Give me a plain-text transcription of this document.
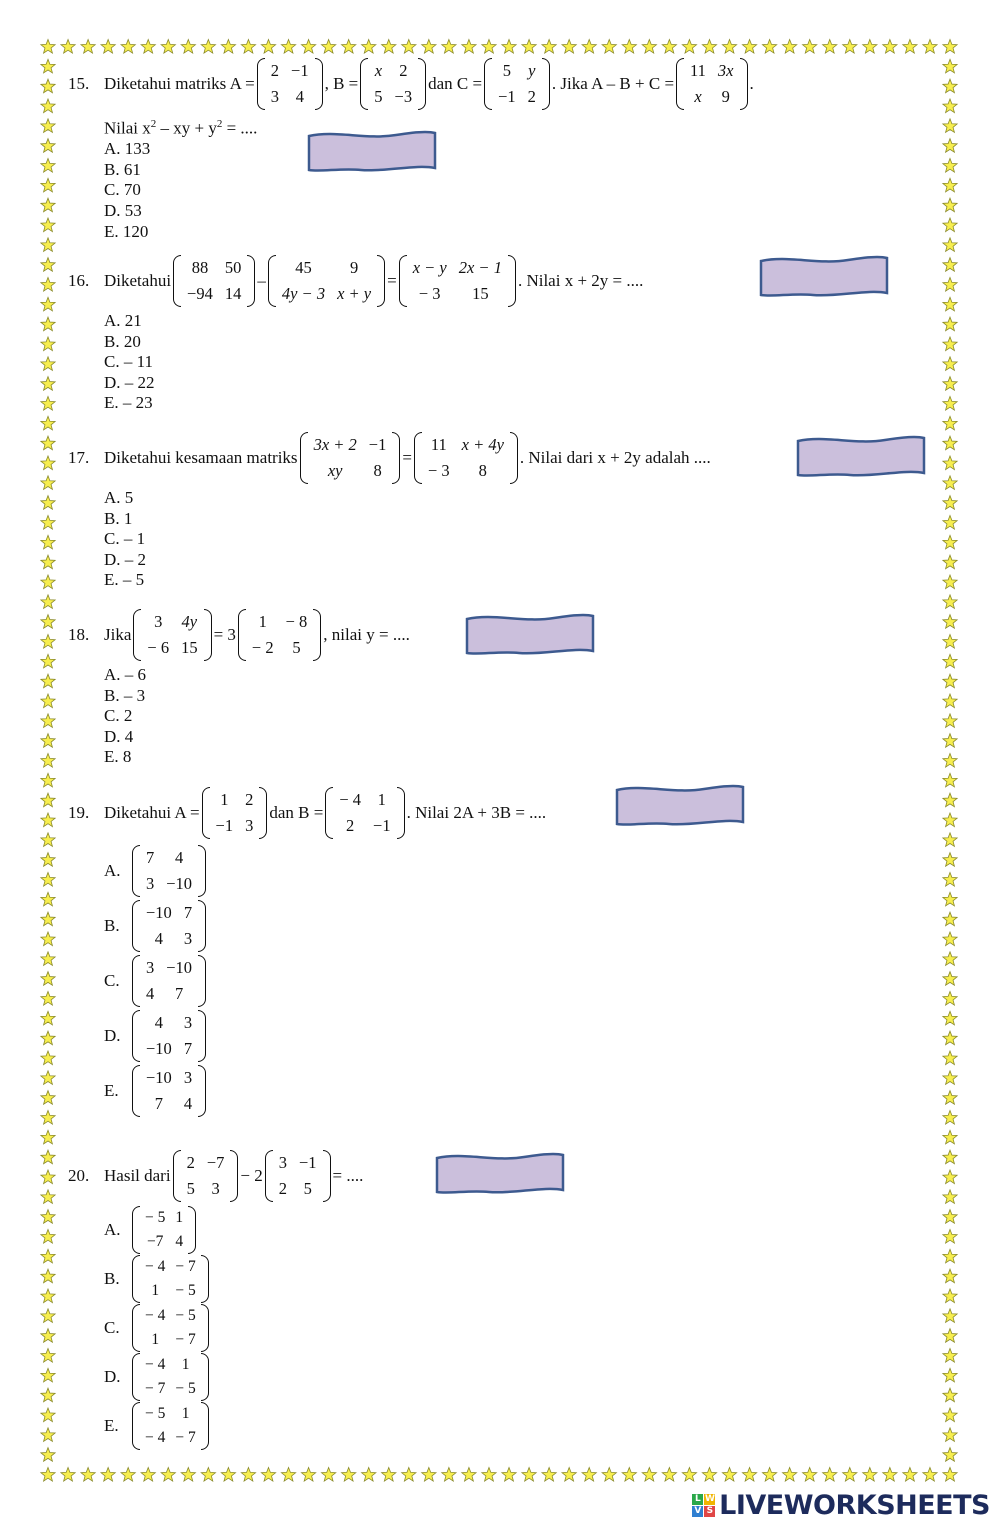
15. Diketahui matriks A =
2	−1
3	4
, B =
x	2
5	−3
dan C =
5	y
−1	2
. Jika A – B + C =
11	3x
x	9
.
Nilai $x^2$ – xy + $y^2$ = ....
A. 133
B. 61
C. 70
D. 53
E. 120
16. Diketahui
88	50
−94	14
–
45	9
4y − 3	x + y
=
x − y	2x − 1
− 3	15
. Nilai x + 2y = ....
A. 21
B. 20
C. – 11
D. – 22
E. – 23
17. Diketahui kesamaan matriks
3x + 2	−1
xy	8
=
11	x + 4y
− 3	8
. Nilai dari x + 2y adalah ....
A. 5
B. 1
C. – 1
D. – 2
E. – 5
18. Jika
3	4y
− 6	15
= 3
1	− 8
− 2	5
, nilai y = ....
A. – 6
B. – 3
C. 2
D. 4
E. 8
19. Diketahui A =
1	2
−1	3
dan B =
− 4	1
2	−1
. Nilai 2A + 3B = ....
A.
7	4
3	−10
B.
−10	7
4	3
C.
3	−10
4	7
D.
4	3
−10	7
E.
−10	3
7	4
20. Hasil dari
2	−7
5	3
− 2
3	−1
2	5
= ....
A.
− 5	1
−7	4
B.
− 4	− 7
1	− 5
C.
− 4	− 5
1	− 7
D.
− 4	1
− 7	− 5
E.
− 5	1
− 4	− 7
L W
V S LIVEWORKSHEETS
